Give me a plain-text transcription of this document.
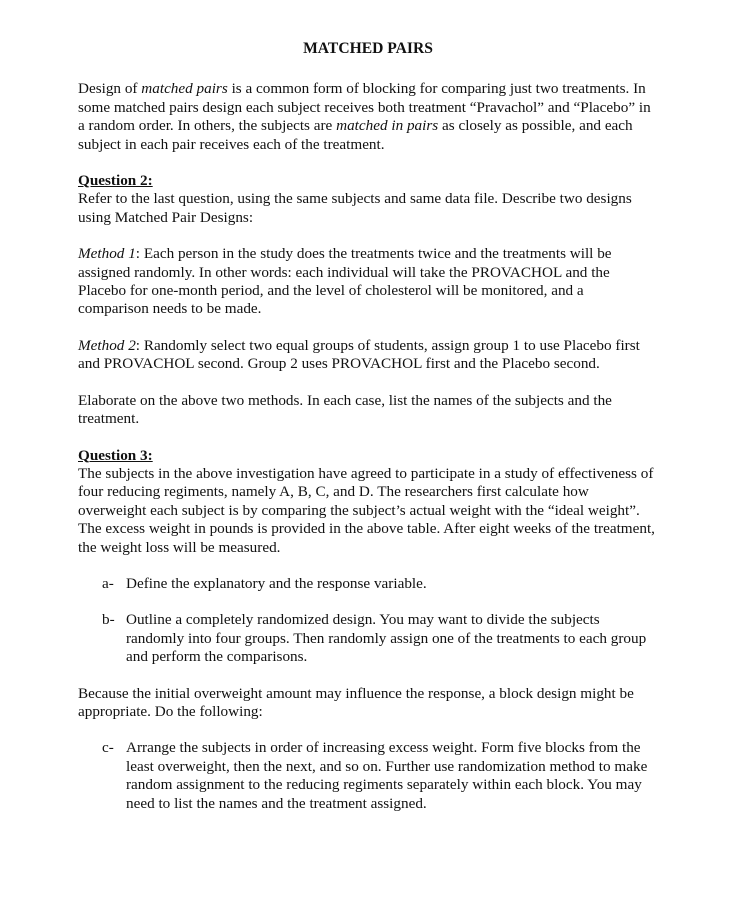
MATCHED PAIRS

Design of matched pairs is a common form of blocking for comparing just two treatments. In some matched pairs design each subject receives both treatment “Pravachol” and “Placebo” in a random order. In others, the subjects are matched in pairs as closely as possible, and each subject in each pair receives each of the treatment.

Question 2:

Refer to the last question, using the same subjects and same data file. Describe two designs using Matched Pair Designs:

Method 1: Each person in the study does the treatments twice and the treatments will be assigned randomly. In other words: each individual will take the PROVACHOL and the Placebo for one-month period, and the level of cholesterol will be monitored, and a comparison needs to be made.

Method 2: Randomly select two equal groups of students, assign group 1 to use Placebo first and PROVACHOL second. Group 2 uses PROVACHOL first and the Placebo second.

Elaborate on the above two methods. In each case, list the names of the subjects and the treatment.

Question 3:

The subjects in the above investigation have agreed to participate in a study of effectiveness of four reducing regiments, namely A, B, C, and D. The researchers first calculate how overweight each subject is by comparing the subject’s actual weight with the “ideal weight”. The excess weight in pounds is provided in the above table. After eight weeks of the treatment, the weight loss will be measured.

a- Define the explanatory and the response variable.
b- Outline a completely randomized design. You may want to divide the subjects randomly into four groups. Then randomly assign one of the treatments to each group and perform the comparisons.

Because the initial overweight amount may influence the response, a block design might be appropriate. Do the following:

c- Arrange the subjects in order of increasing excess weight. Form five blocks from the least overweight, then the next, and so on. Further use randomization method to make random assignment to the reducing regiments separately within each block. You may need to list the names and the treatment assigned.
